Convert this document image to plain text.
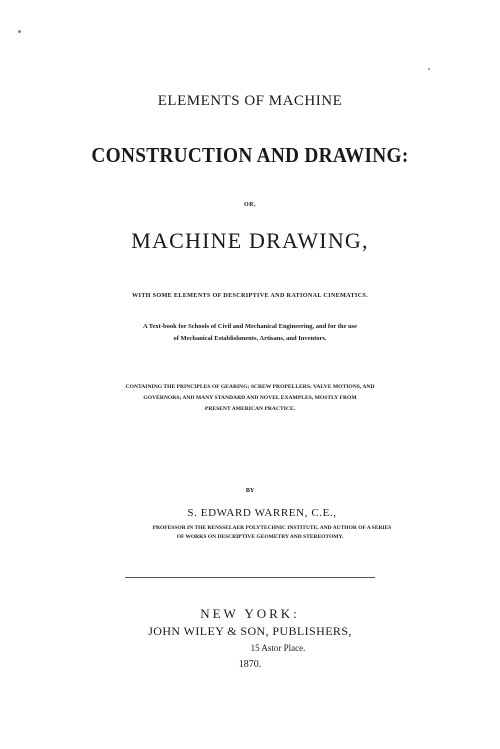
ELEMENTS OF MACHINE
CONSTRUCTION AND DRAWING:
OR,
MACHINE DRAWING,
WITH SOME ELEMENTS OF DESCRIPTIVE AND RATIONAL CINEMATICS.
A Text-book for Schools of Civil and Mechanical Engineering, and for the use
of Mechanical Establishments, Artisans, and Inventors.
CONTAINING THE PRINCIPLES OF GEARING; SCREW PROPELLERS; VALVE MOTIONS, AND
GOVERNORS; AND MANY STANDARD AND NOVEL EXAMPLES, MOSTLY FROM
PRESENT AMERICAN PRACTICE.
BY
S. EDWARD WARREN, C.E.,
PROFESSOR IN THE RENSSELAER POLYTECHNIC INSTITUTE, AND AUTHOR OF A SERIES
OF WORKS ON DESCRIPTIVE GEOMETRY AND STEREOTOMY.
NEW YORK:
JOHN WILEY & SON, PUBLISHERS,
15 Astor Place.
1870.
